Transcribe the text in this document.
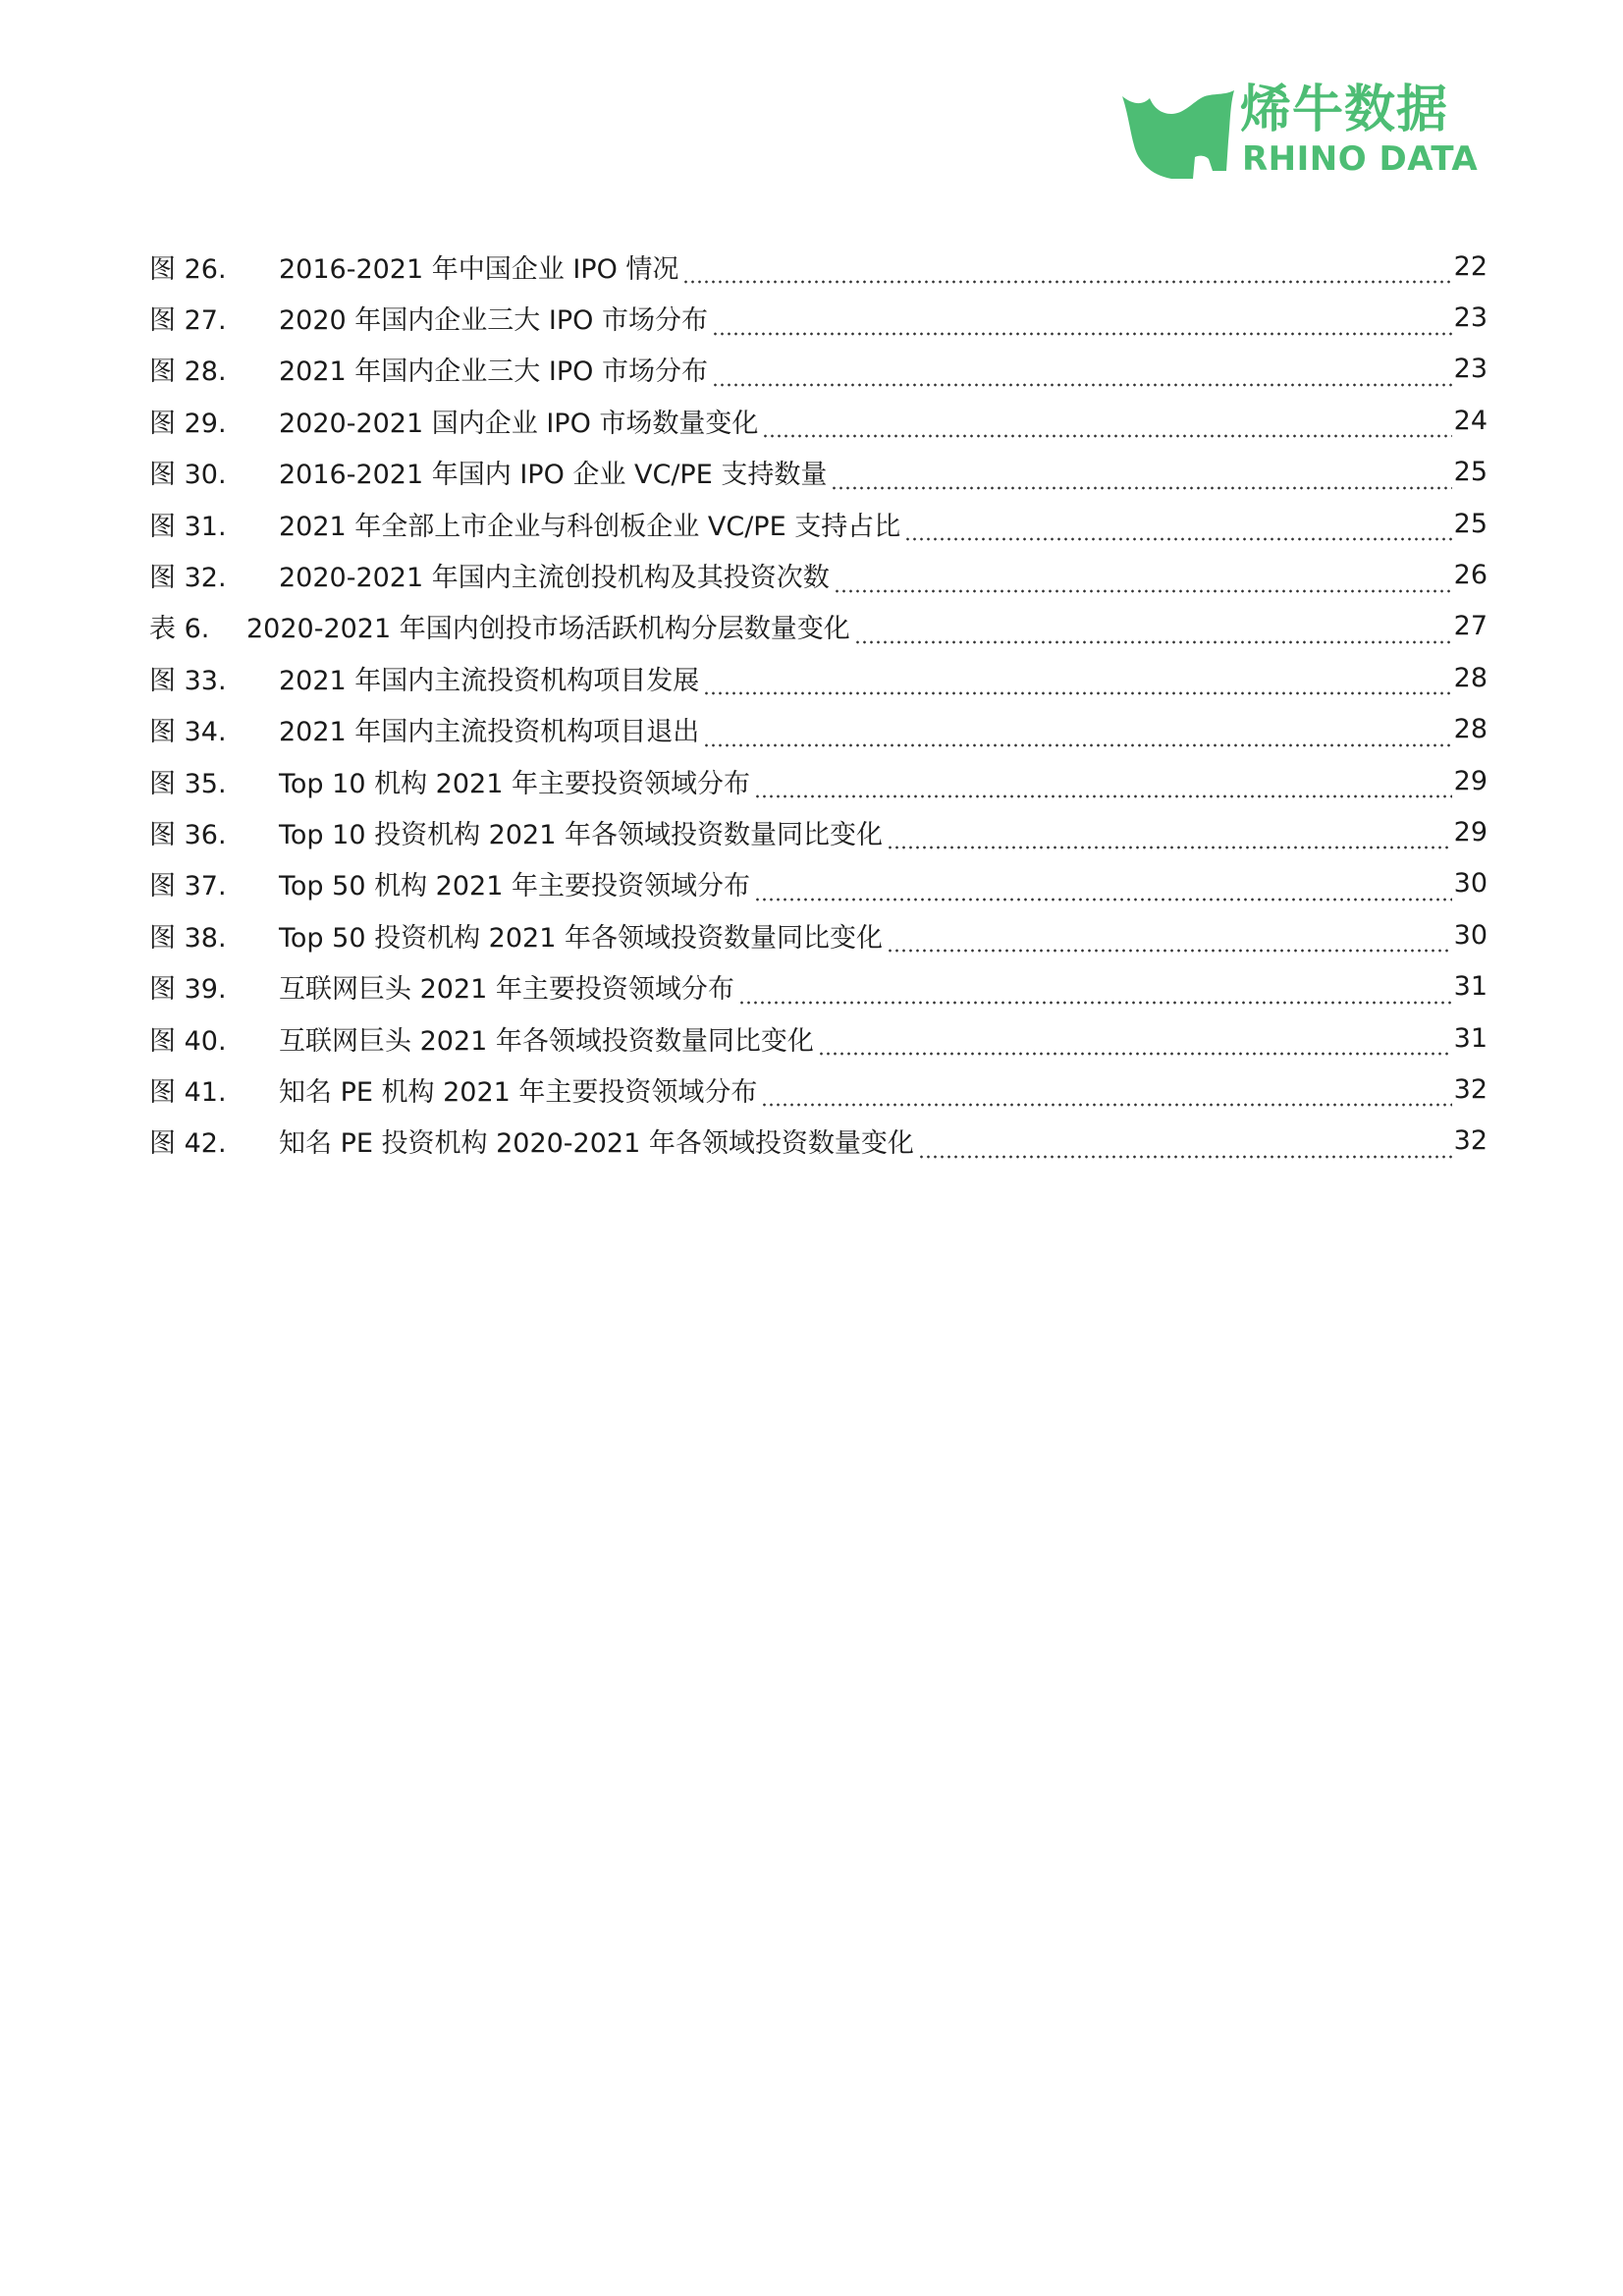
烯牛数据
RHINO DATA
图 26.	2016-2021 年中国企业 IPO 情况	22
图 27.	2020 年国内企业三大 IPO 市场分布	23
图 28.	2021 年国内企业三大 IPO 市场分布	23
图 29.	2020-2021 国内企业 IPO 市场数量变化	24
图 30.	2016-2021 年国内 IPO 企业 VC/PE 支持数量	25
图 31.	2021 年全部上市企业与科创板企业 VC/PE 支持占比	25
图 32.	2020-2021 年国内主流创投机构及其投资次数	26
表 6.	2020-2021 年国内创投市场活跃机构分层数量变化	27
图 33.	2021 年国内主流投资机构项目发展	28
图 34.	2021 年国内主流投资机构项目退出	28
图 35.	Top 10 机构 2021 年主要投资领域分布	29
图 36.	Top 10 投资机构 2021 年各领域投资数量同比变化	29
图 37.	Top 50 机构 2021 年主要投资领域分布	30
图 38.	Top 50 投资机构 2021 年各领域投资数量同比变化	30
图 39.	互联网巨头 2021 年主要投资领域分布	31
图 40.	互联网巨头 2021 年各领域投资数量同比变化	31
图 41.	知名 PE 机构 2021 年主要投资领域分布	32
图 42.	知名 PE 投资机构 2020-2021 年各领域投资数量变化	32
